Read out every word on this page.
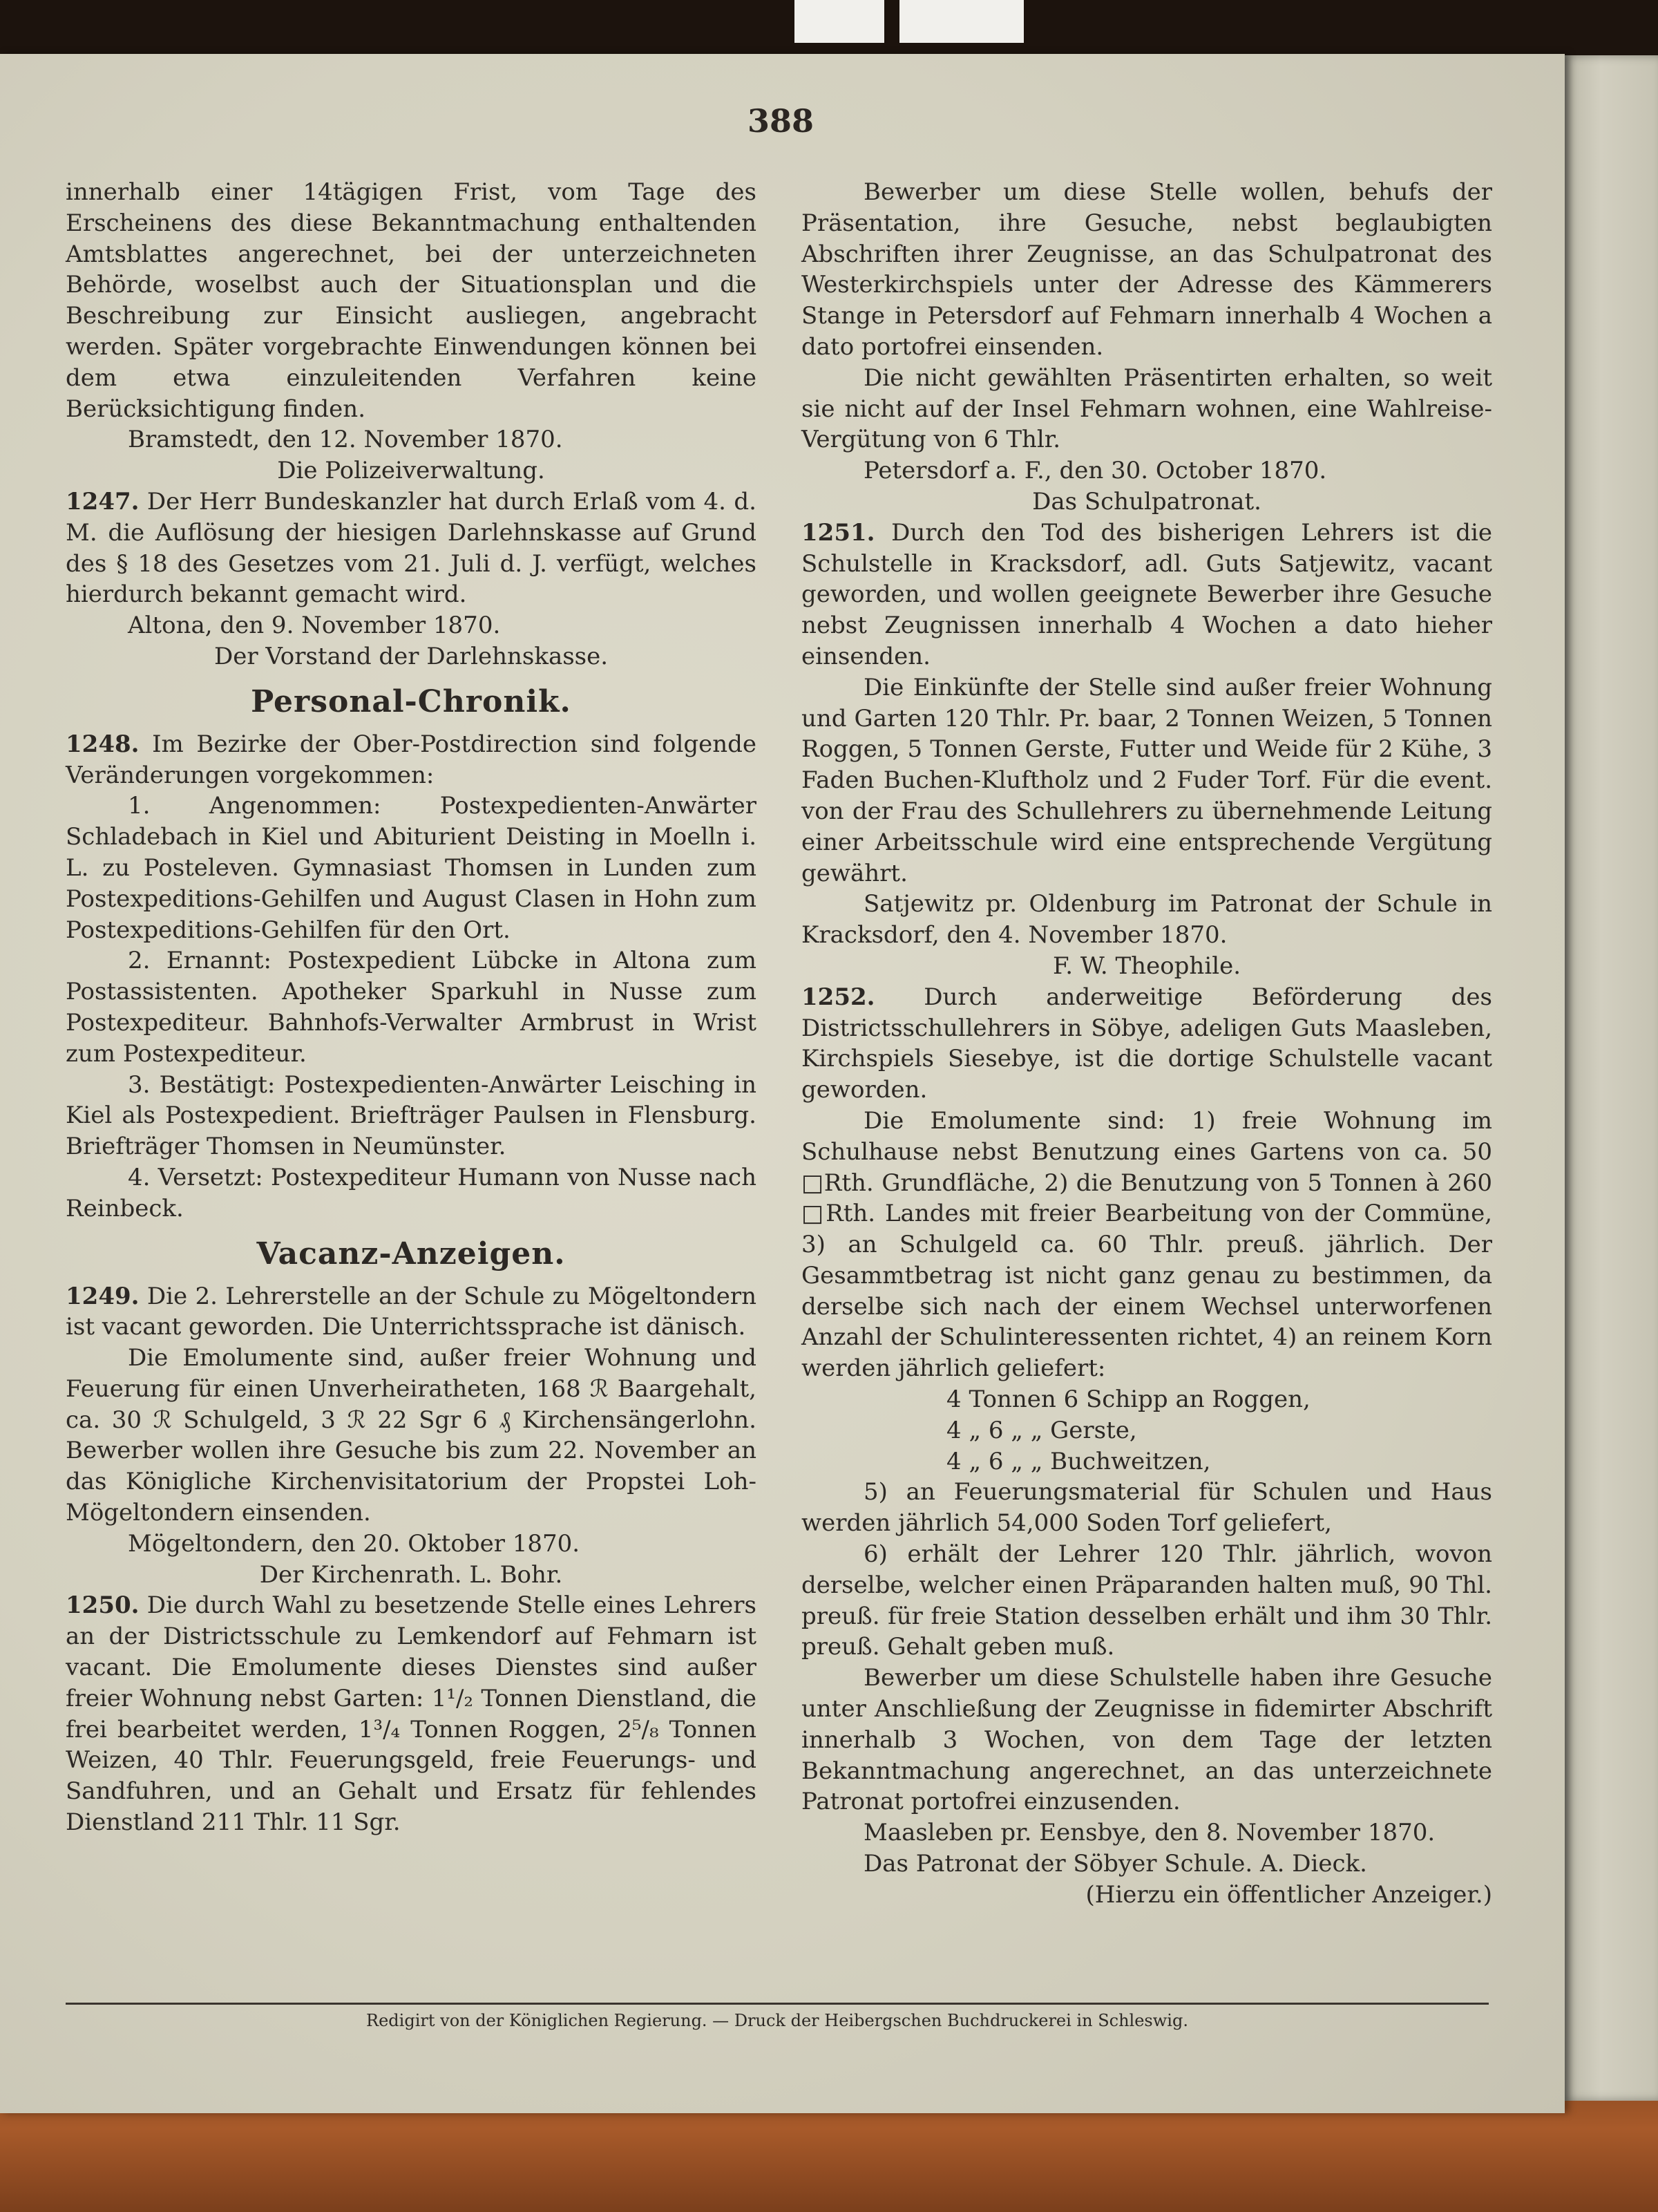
388

innerhalb einer 14tägigen Frist, vom Tage des Erscheinens des diese Bekanntmachung enthaltenden Amtsblattes angerechnet, bei der unterzeichneten Behörde, woselbst auch der Situationsplan und die Beschreibung zur Einsicht ausliegen, angebracht werden. Später vorgebrachte Einwendungen können bei dem etwa einzuleitenden Verfahren keine Berücksichtigung finden.

Bramstedt, den 12. November 1870.

Die Polizeiverwaltung.

1247. Der Herr Bundeskanzler hat durch Erlaß vom 4. d. M. die Auflösung der hiesigen Darlehnskasse auf Grund des § 18 des Gesetzes vom 21. Juli d. J. verfügt, welches hierdurch bekannt gemacht wird.

Altona, den 9. November 1870.

Der Vorstand der Darlehnskasse.

Personal-Chronik.

1248. Im Bezirke der Ober-Postdirection sind folgende Veränderungen vorgekommen:

1. Angenommen: Postexpedienten-Anwärter Schladebach in Kiel und Abiturient Deisting in Moelln i. L. zu Posteleven. Gymnasiast Thomsen in Lunden zum Postexpeditions-Gehilfen und August Clasen in Hohn zum Postexpeditions-Gehilfen für den Ort.

2. Ernannt: Postexpedient Lübcke in Altona zum Postassistenten. Apotheker Sparkuhl in Nusse zum Postexpediteur. Bahnhofs-Verwalter Armbrust in Wrist zum Postexpediteur.

3. Bestätigt: Postexpedienten-Anwärter Leisching in Kiel als Postexpedient. Briefträger Paulsen in Flensburg. Briefträger Thomsen in Neumünster.

4. Versetzt: Postexpediteur Humann von Nusse nach Reinbeck.

Vacanz-Anzeigen.

1249. Die 2. Lehrerstelle an der Schule zu Mögeltondern ist vacant geworden. Die Unterrichtssprache ist dänisch.

Die Emolumente sind, außer freier Wohnung und Feuerung für einen Unverheiratheten, 168 ℛ Baargehalt, ca. 30 ℛ Schulgeld, 3 ℛ 22 Sgr 6 ₰ Kirchensängerlohn. Bewerber wollen ihre Gesuche bis zum 22. November an das Königliche Kirchenvisitatorium der Propstei Loh-Mögeltondern einsenden.

Mögeltondern, den 20. Oktober 1870.

Der Kirchenrath. L. Bohr.

1250. Die durch Wahl zu besetzende Stelle eines Lehrers an der Districtsschule zu Lemkendorf auf Fehmarn ist vacant. Die Emolumente dieses Dienstes sind außer freier Wohnung nebst Garten: 1¹/₂ Tonnen Dienstland, die frei bearbeitet werden, 1³/₄ Tonnen Roggen, 2⁵/₈ Tonnen Weizen, 40 Thlr. Feuerungsgeld, freie Feuerungs- und Sandfuhren, und an Gehalt und Ersatz für fehlendes Dienstland 211 Thlr. 11 Sgr.

Bewerber um diese Stelle wollen, behufs der Präsentation, ihre Gesuche, nebst beglaubigten Abschriften ihrer Zeugnisse, an das Schulpatronat des Westerkirchspiels unter der Adresse des Kämmerers Stange in Petersdorf auf Fehmarn innerhalb 4 Wochen a dato portofrei einsenden.

Die nicht gewählten Präsentirten erhalten, so weit sie nicht auf der Insel Fehmarn wohnen, eine Wahlreise-Vergütung von 6 Thlr.

Petersdorf a. F., den 30. October 1870.

Das Schulpatronat.

1251. Durch den Tod des bisherigen Lehrers ist die Schulstelle in Kracksdorf, adl. Guts Satjewitz, vacant geworden, und wollen geeignete Bewerber ihre Gesuche nebst Zeugnissen innerhalb 4 Wochen a dato hieher einsenden.

Die Einkünfte der Stelle sind außer freier Wohnung und Garten 120 Thlr. Pr. baar, 2 Tonnen Weizen, 5 Tonnen Roggen, 5 Tonnen Gerste, Futter und Weide für 2 Kühe, 3 Faden Buchen-Kluftholz und 2 Fuder Torf. Für die event. von der Frau des Schullehrers zu übernehmende Leitung einer Arbeitsschule wird eine entsprechende Vergütung gewährt.

Satjewitz pr. Oldenburg im Patronat der Schule in Kracksdorf, den 4. November 1870.

F. W. Theophile.

1252. Durch anderweitige Beförderung des Districtsschullehrers in Söbye, adeligen Guts Maasleben, Kirchspiels Siesebye, ist die dortige Schulstelle vacant geworden.

Die Emolumente sind: 1) freie Wohnung im Schulhause nebst Benutzung eines Gartens von ca. 50 □Rth. Grundfläche, 2) die Benutzung von 5 Tonnen à 260 □Rth. Landes mit freier Bearbeitung von der Commüne, 3) an Schulgeld ca. 60 Thlr. preuß. jährlich. Der Gesammtbetrag ist nicht ganz genau zu bestimmen, da derselbe sich nach der einem Wechsel unterworfenen Anzahl der Schulinteressenten richtet, 4) an reinem Korn werden jährlich geliefert:

4 Tonnen 6 Schipp an Roggen,
4 „ 6 „ „ Gerste,
4 „ 6 „ „ Buchweitzen,

5) an Feuerungsmaterial für Schulen und Haus werden jährlich 54,000 Soden Torf geliefert,

6) erhält der Lehrer 120 Thlr. jährlich, wovon derselbe, welcher einen Präparanden halten muß, 90 Thl. preuß. für freie Station desselben erhält und ihm 30 Thlr. preuß. Gehalt geben muß.

Bewerber um diese Schulstelle haben ihre Gesuche unter Anschließung der Zeugnisse in fidemirter Abschrift innerhalb 3 Wochen, von dem Tage der letzten Bekanntmachung angerechnet, an das unterzeichnete Patronat portofrei einzusenden.

Maasleben pr. Eensbye, den 8. November 1870.

Das Patronat der Söbyer Schule. A. Dieck.

(Hierzu ein öffentlicher Anzeiger.)

Redigirt von der Königlichen Regierung. — Druck der Heibergschen Buchdruckerei in Schleswig.
